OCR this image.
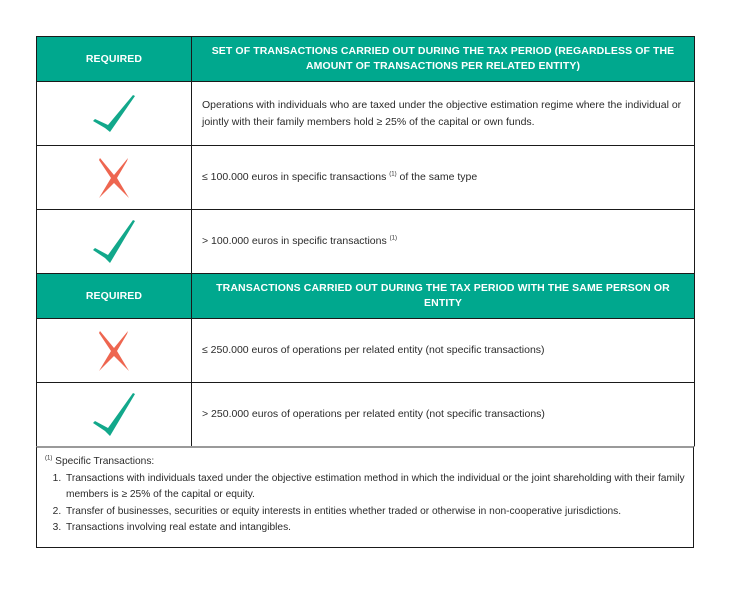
REQUIRED	SET OF TRANSACTIONS CARRIED OUT DURING THE TAX PERIOD (REGARDLESS OF THE AMOUNT OF TRANSACTIONS PER RELATED ENTITY)

	Operations with individuals who are taxed under the objective estimation regime where the individual or jointly with their family members hold ≥ 25% of the capital or own funds.

	≤ 100.000 euros in specific transactions $^{(1)}$ of the same type

	> 100.000 euros in specific transactions $^{(1)}$
REQUIRED	TRANSACTIONS CARRIED OUT DURING THE TAX PERIOD WITH THE SAME PERSON OR ENTITY

	≤ 250.000 euros of operations per related entity (not specific transactions)

	> 250.000 euros of operations per related entity (not specific transactions)
$^{(1)}$ Specific Transactions:
1. Transactions with individuals taxed under the objective estimation method in which the individual or the joint shareholding with their family members is ≥ 25% of the capital or equity.
2. Transfer of businesses, securities or equity interests in entities whether traded or otherwise in non-cooperative jurisdictions.
3. Transactions involving real estate and intangibles.
